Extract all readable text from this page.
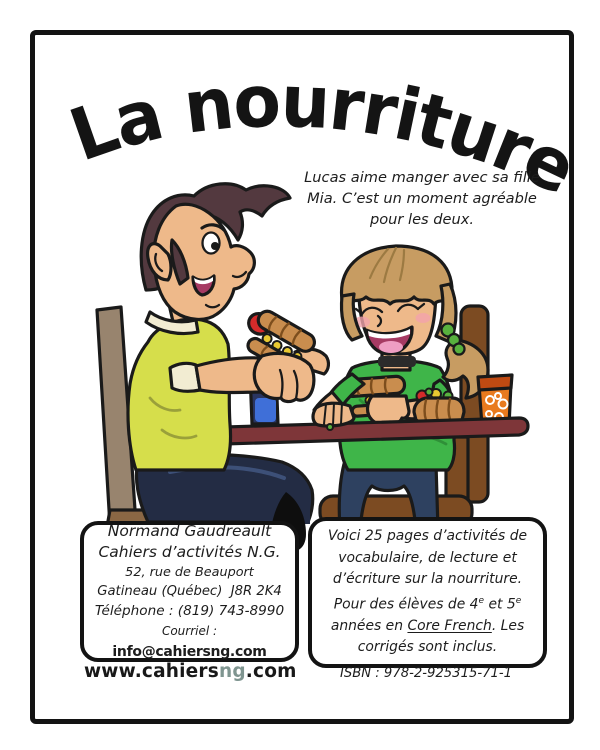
La nourriture
Lucas aime manger avec sa fille
Mia. C’est un moment agréable
pour les deux.
Normand Gaudreault
Cahiers d’activités N.G.
52, rue de Beauport
Gatineau (Québec)  J8R 2K4
Téléphone : (819) 743-8990
Courriel : info@cahiersng.com
Voici 25 pages d’activités de
vocabulaire, de lecture et
d’écriture sur la nourriture.
Pour des élèves de 4e et 5e
années en Core French. Les
corrigés sont inclus.
www.cahiersng.com	ISBN : 978-2-925315-71-1
